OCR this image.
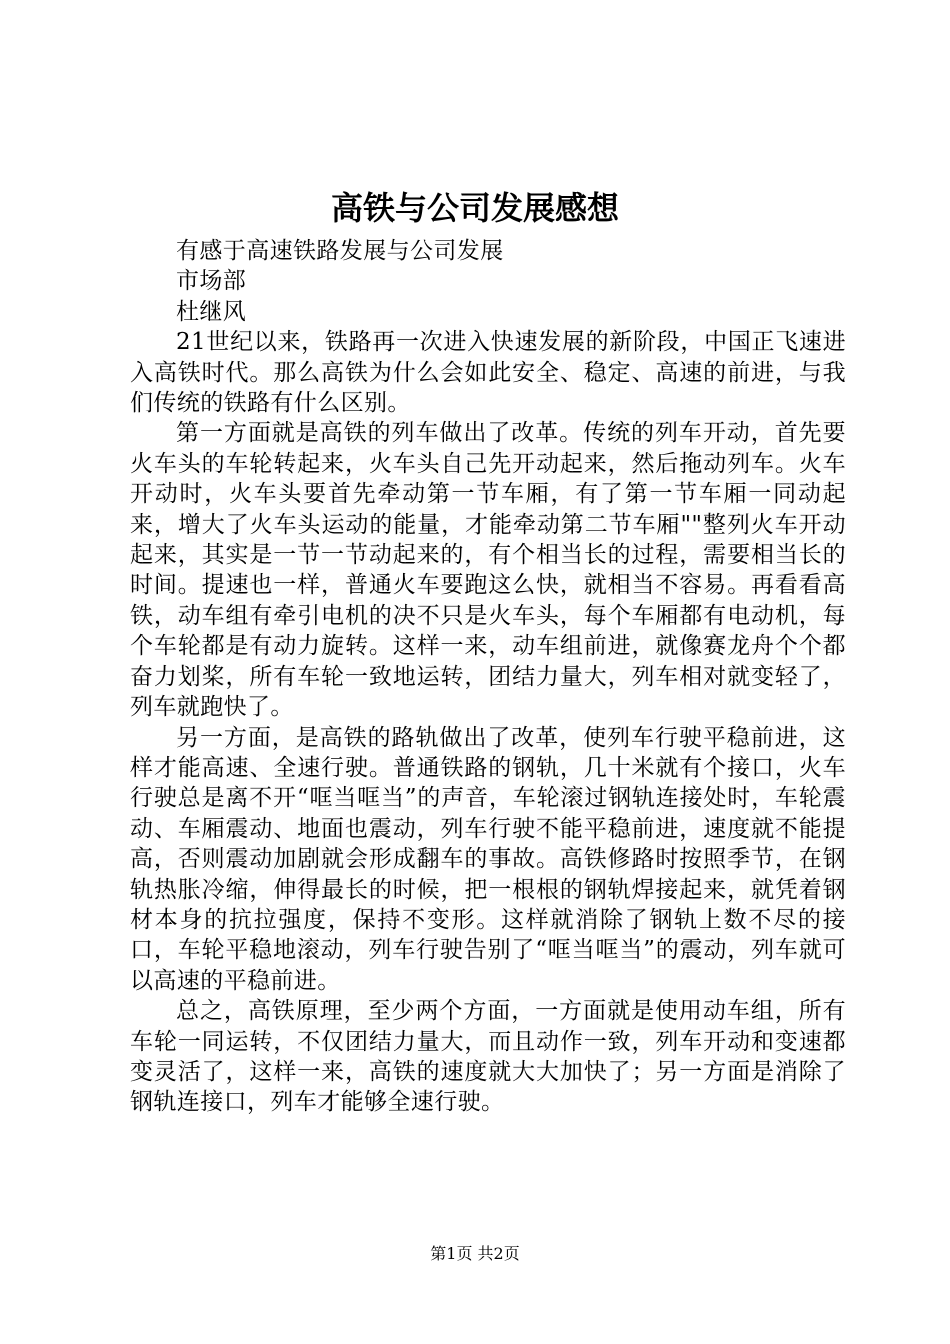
高铁与公司发展感想

有感于高速铁路发展与公司发展

市场部

杜继风

21世纪以来，铁路再一次进入快速发展的新阶段，中国正飞速进入高铁时代。那么高铁为什么会如此安全、稳定、高速的前进，与我们传统的铁路有什么区别。

第一方面就是高铁的列车做出了改革。传统的列车开动，首先要火车头的车轮转起来，火车头自己先开动起来，然后拖动列车。火车开动时，火车头要首先牵动第一节车厢，有了第一节车厢一同动起来，增大了火车头运动的能量，才能牵动第二节车厢""整列火车开动起来，其实是一节一节动起来的，有个相当长的过程，需要相当长的时间。提速也一样，普通火车要跑这么快，就相当不容易。再看看高铁，动车组有牵引电机的决不只是火车头，每个车厢都有电动机，每个车轮都是有动力旋转。这样一来，动车组前进，就像赛龙舟个个都奋力划桨，所有车轮一致地运转，团结力量大，列车相对就变轻了，列车就跑快了。

另一方面，是高铁的路轨做出了改革，使列车行驶平稳前进，这样才能高速、全速行驶。普通铁路的钢轨，几十米就有个接口，火车行驶总是离不开“哐当哐当”的声音，车轮滚过钢轨连接处时，车轮震动、车厢震动、地面也震动，列车行驶不能平稳前进，速度就不能提高，否则震动加剧就会形成翻车的事故。高铁修路时按照季节，在钢轨热胀冷缩，伸得最长的时候，把一根根的钢轨焊接起来，就凭着钢材本身的抗拉强度，保持不变形。这样就消除了钢轨上数不尽的接口，车轮平稳地滚动，列车行驶告别了“哐当哐当”的震动，列车就可以高速的平稳前进。

总之，高铁原理，至少两个方面，一方面就是使用动车组，所有车轮一同运转，不仅团结力量大，而且动作一致，列车开动和变速都变灵活了，这样一来，高铁的速度就大大加快了；另一方面是消除了钢轨连接口，列车才能够全速行驶。

第1页 共2页
